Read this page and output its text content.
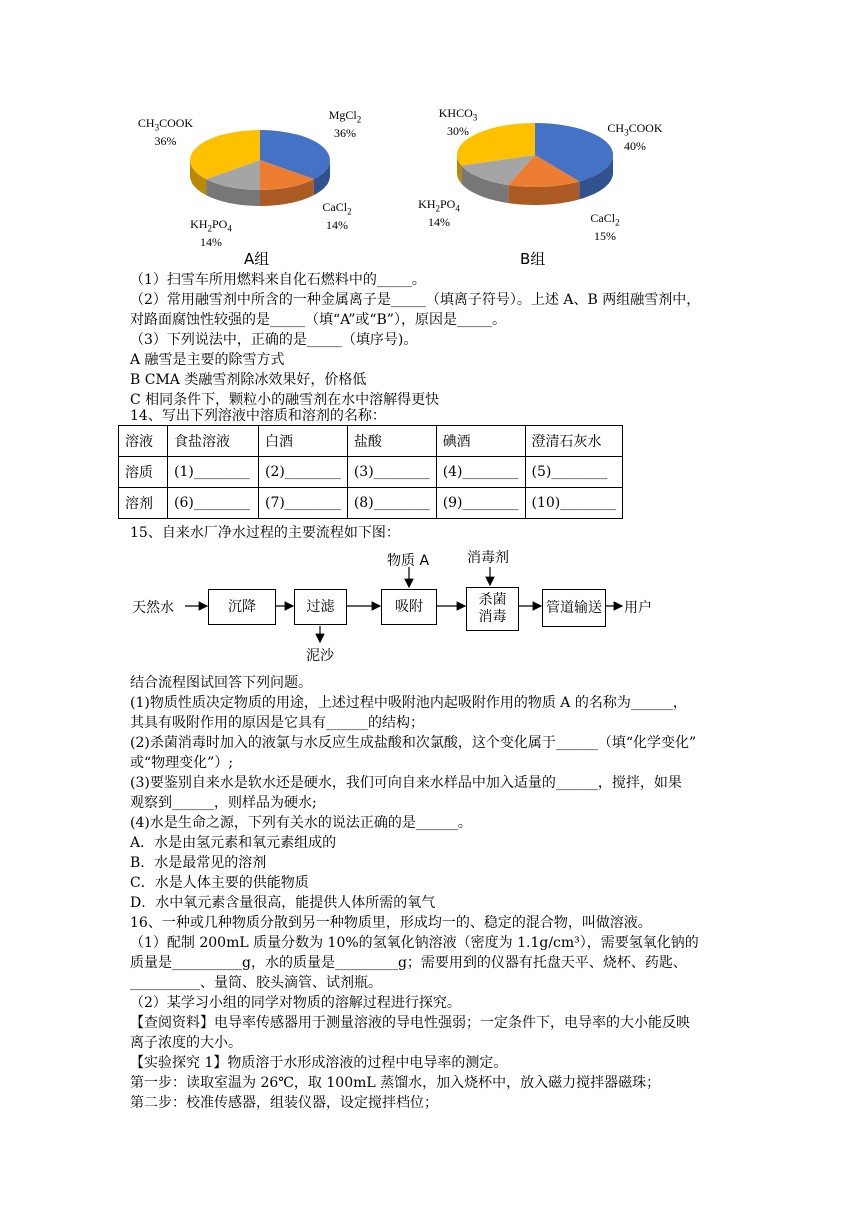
MgCl$_2$
36%
$CH_3COOK$
36%
CaCl$_2$
14%
$KH_2PO_4$
14%
A组
$KHCO_3$
30%	$CH_3COOK$
40%
CaCl$_2$
15%
$KH_2PO_4$
14%
B组
（1）扫雪车所用燃料来自化石燃料中的_____。
（2）常用融雪剂中所含的一种金属离子是_____（填离子符号）。上述 A、B 两组融雪剂中，
对路面腐蚀性较强的是_____（填“A”或“B”），原因是_____。
（3）下列说法中，正确的是_____（填序号)。
A 融雪是主要的除雪方式
B CMA 类融雪剂除冰效果好，价格低
C 相同条件下，颗粒小的融雪剂在水中溶解得更快
14、写出下列溶液中溶质和溶剂的名称：
溶液	食盐溶液	白酒	盐酸	碘酒	澄清石灰水
溶质	(1)________	(2)________	(3)________	(4)________	(5)________
溶剂	(6)________	(7)________	(8)________	(9)________	(10)________
15、自来水厂净水过程的主要流程如下图：
天然水	沉降	过滤	吸附	杀菌
消毒
管道输送 用户
物质 A	消毒剂
泥沙
结合流程图试回答下列问题。
(1)物质性质决定物质的用途，上述过程中吸附池内起吸附作用的物质 A 的名称为______，
其具有吸附作用的原因是它具有______的结构；
(2)杀菌消毒时加入的液氯与水反应生成盐酸和次氯酸，这个变化属于______（填“化学变化”
或“物理变化”）;
(3)要鉴别自来水是软水还是硬水，我们可向自来水样品中加入适量的______，搅拌，如果
观察到______，则样品为硬水;
(4)水是生命之源，下列有关水的说法正确的是______。
A．水是由氢元素和氧元素组成的
B．水是最常见的溶剂
C．水是人体主要的供能物质
D．水中氧元素含量很高，能提供人体所需的氧气
16、一种或几种物质分散到另一种物质里，形成均一的、稳定的混合物，叫做溶液。
（1）配制 200mL 质量分数为 10%的氢氧化钠溶液（密度为 1.1g/cm³），需要氢氧化钠的
质量是__________g，水的质量是_________g；需要用到的仪器有托盘天平、烧杯、药匙、
__________、量筒、胶头滴管、试剂瓶。
（2）某学习小组的同学对物质的溶解过程进行探究。
【查阅资料】电导率传感器用于测量溶液的导电性强弱；一定条件下，电导率的大小能反映
离子浓度的大小。
【实验探究 1】物质溶于水形成溶液的过程中电导率的测定。
第一步：读取室温为 26℃，取 100mL 蒸馏水，加入烧杯中，放入磁力搅拌器磁珠；
第二步：校准传感器，组装仪器，设定搅拌档位；
